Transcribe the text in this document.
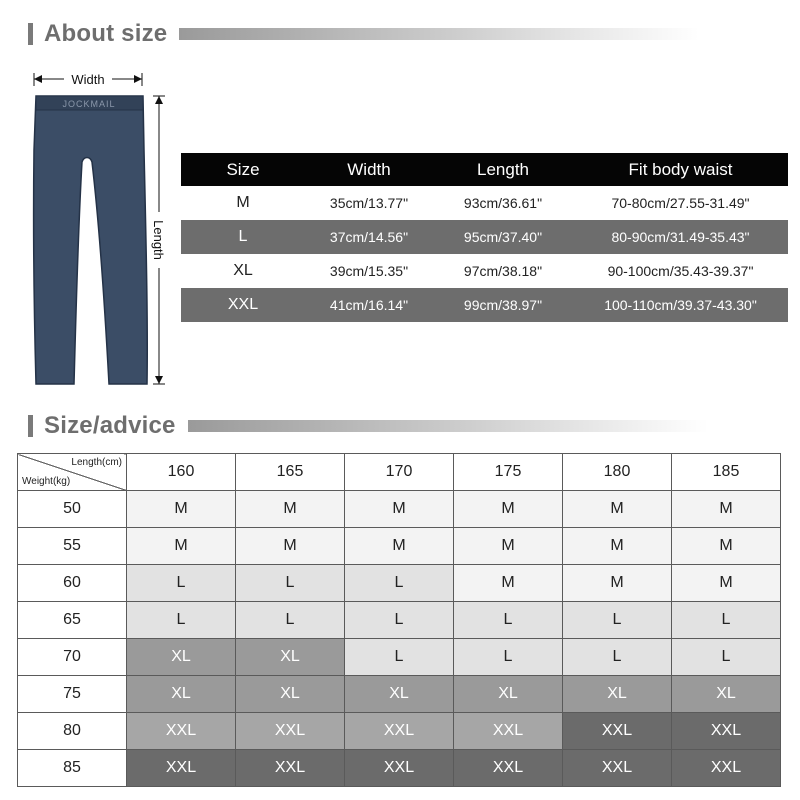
About size
Width
JOCKMAIL
Length
Size	Width	Length	Fit body waist
M	35cm/13.77"	93cm/36.61"	70-80cm/27.55-31.49"
L	37cm/14.56"	95cm/37.40"	80-90cm/31.49-35.43"
XL	39cm/15.35"	97cm/38.18"	90-100cm/35.43-39.37"
XXL	41cm/16.14"	99cm/38.97"	100-110cm/39.37-43.30"
Size/advice
Length(cm)
Weight(kg)	160	165	170	175	180	185
50	M	M	M	M	M	M
55	M	M	M	M	M	M
60	L	L	L	M	M	M
65	L	L	L	L	L	L
70	XL	XL	L	L	L	L
75	XL	XL	XL	XL	XL	XL
80	XXL	XXL	XXL	XXL	XXL	XXL
85	XXL	XXL	XXL	XXL	XXL	XXL
